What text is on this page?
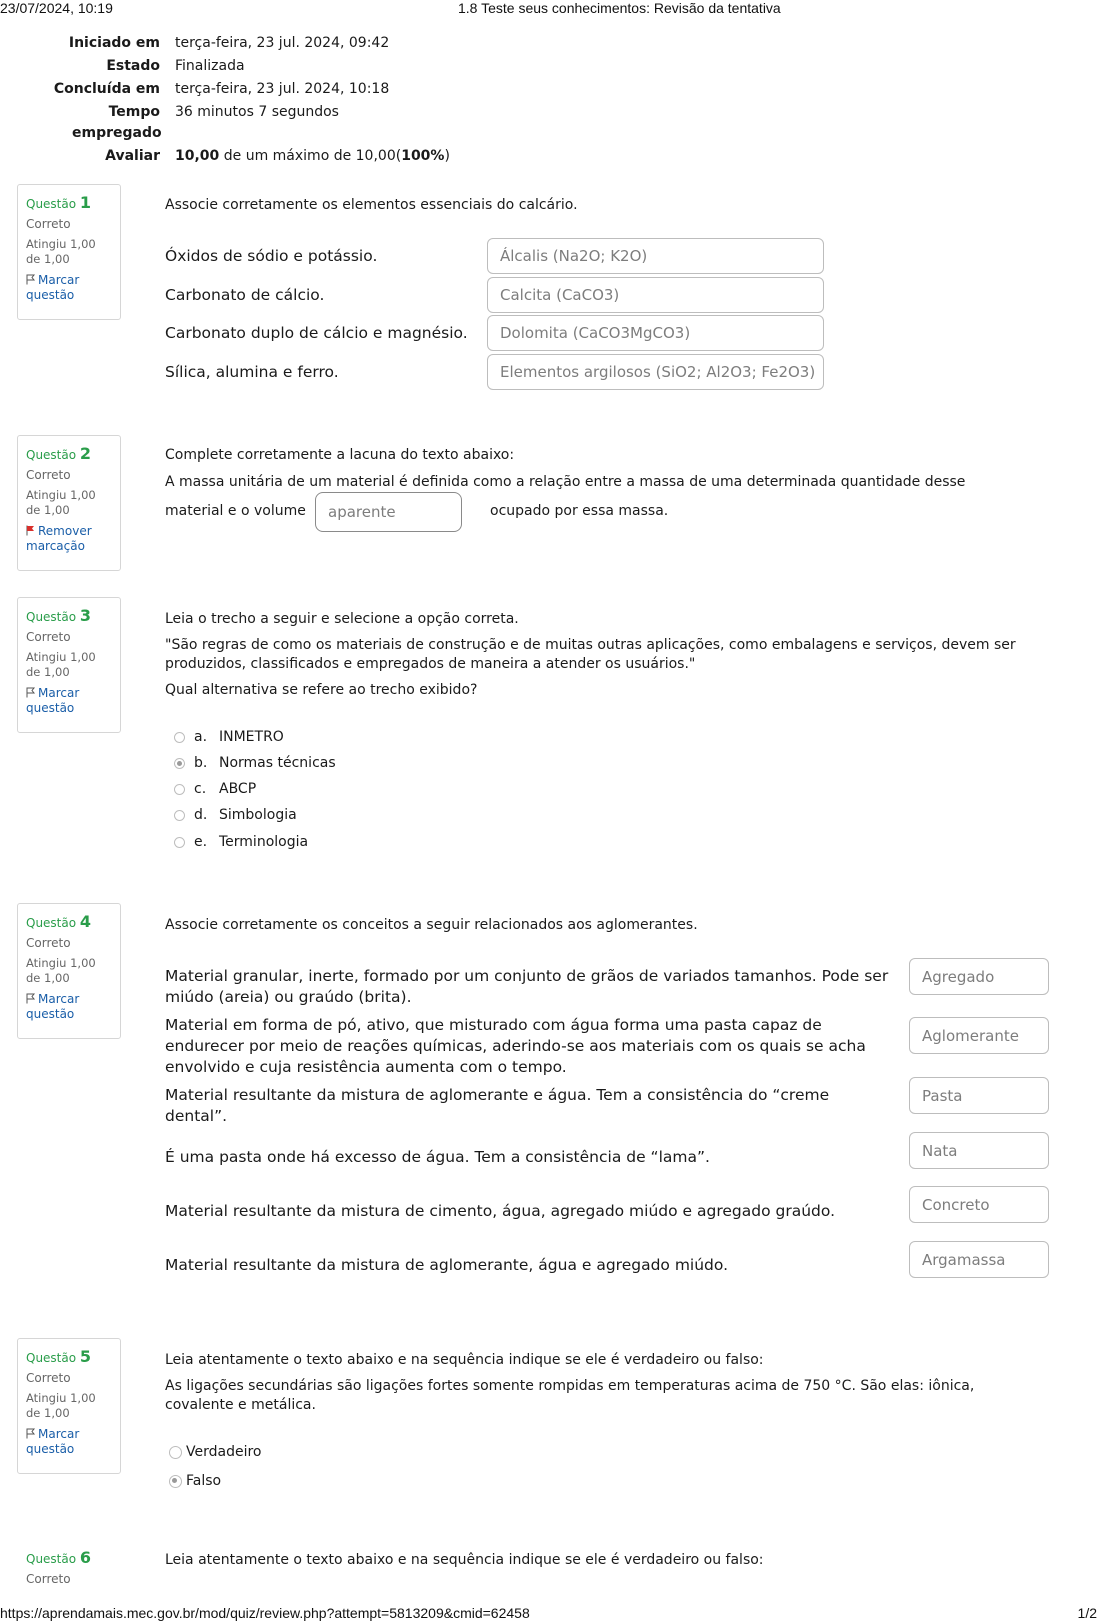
23/07/2024, 10:19	1.8 Teste seus conhecimentos: Revisão da tentativa
Iniciado em terça-feira, 23 jul. 2024, 09:42
Estado Finalizada
Concluída em terça-feira, 23 jul. 2024, 10:18
Tempo 36 minutos 7 segundos
empregado
Avaliar 10,00 de um máximo de 10,00(100%)
Questão 1
Correto
Atingiu 1,00 de 1,00
Marcar questão
Associe corretamente os elementos essenciais do calcário.
Óxidos de sódio e potássio.	Álcalis (Na2O; K2O)
Carbonato de cálcio.	Calcita (CaCO3)
Carbonato duplo de cálcio e magnésio.	Dolomita (CaCO3MgCO3)
Sílica, alumina e ferro.	Elementos argilosos (SiO2; Al2O3; Fe2O3)
Questão 2
Correto
Atingiu 1,00 de 1,00
Remover marcação
Complete corretamente a lacuna do texto abaixo:
A massa unitária de um material é definida como a relação entre a massa de uma determinada quantidade desse
material e o volume	aparente	ocupado por essa massa.
Questão 3
Correto
Atingiu 1,00 de 1,00
Marcar questão
Leia o trecho a seguir e selecione a opção correta.
"São regras de como os materiais de construção e de muitas outras aplicações, como embalagens e serviços, devem ser
produzidos, classificados e empregados de maneira a atender os usuários."
Qual alternativa se refere ao trecho exibido?
a. INMETRO
b. Normas técnicas
c. ABCP
d. Simbologia
e. Terminologia
Questão 4
Correto
Atingiu 1,00 de 1,00
Marcar questão
Associe corretamente os conceitos a seguir relacionados aos aglomerantes.
Material granular, inerte, formado por um conjunto de grãos de variados tamanhos. Pode ser
miúdo (areia) ou graúdo (brita).
Agregado
Material em forma de pó, ativo, que misturado com água forma uma pasta capaz de
endurecer por meio de reações químicas, aderindo-se aos materiais com os quais se acha
envolvido e cuja resistência aumenta com o tempo.
Aglomerante
Material resultante da mistura de aglomerante e água. Tem a consistência do “creme
dental”.
Pasta
É uma pasta onde há excesso de água. Tem a consistência de “lama”.	Nata
Material resultante da mistura de cimento, água, agregado miúdo e agregado graúdo.	Concreto
Material resultante da mistura de aglomerante, água e agregado miúdo.	Argamassa
Questão 5
Correto
Atingiu 1,00 de 1,00
Marcar questão
Leia atentamente o texto abaixo e na sequência indique se ele é verdadeiro ou falso:
As ligações secundárias são ligações fortes somente rompidas em temperaturas acima de 750 °C. São elas: iônica,
covalente e metálica.
Verdadeiro
Falso
Questão 6
Correto
Leia atentamente o texto abaixo e na sequência indique se ele é verdadeiro ou falso:
https://aprendamais.mec.gov.br/mod/quiz/review.php?attempt=5813209&cmid=62458	1/2
